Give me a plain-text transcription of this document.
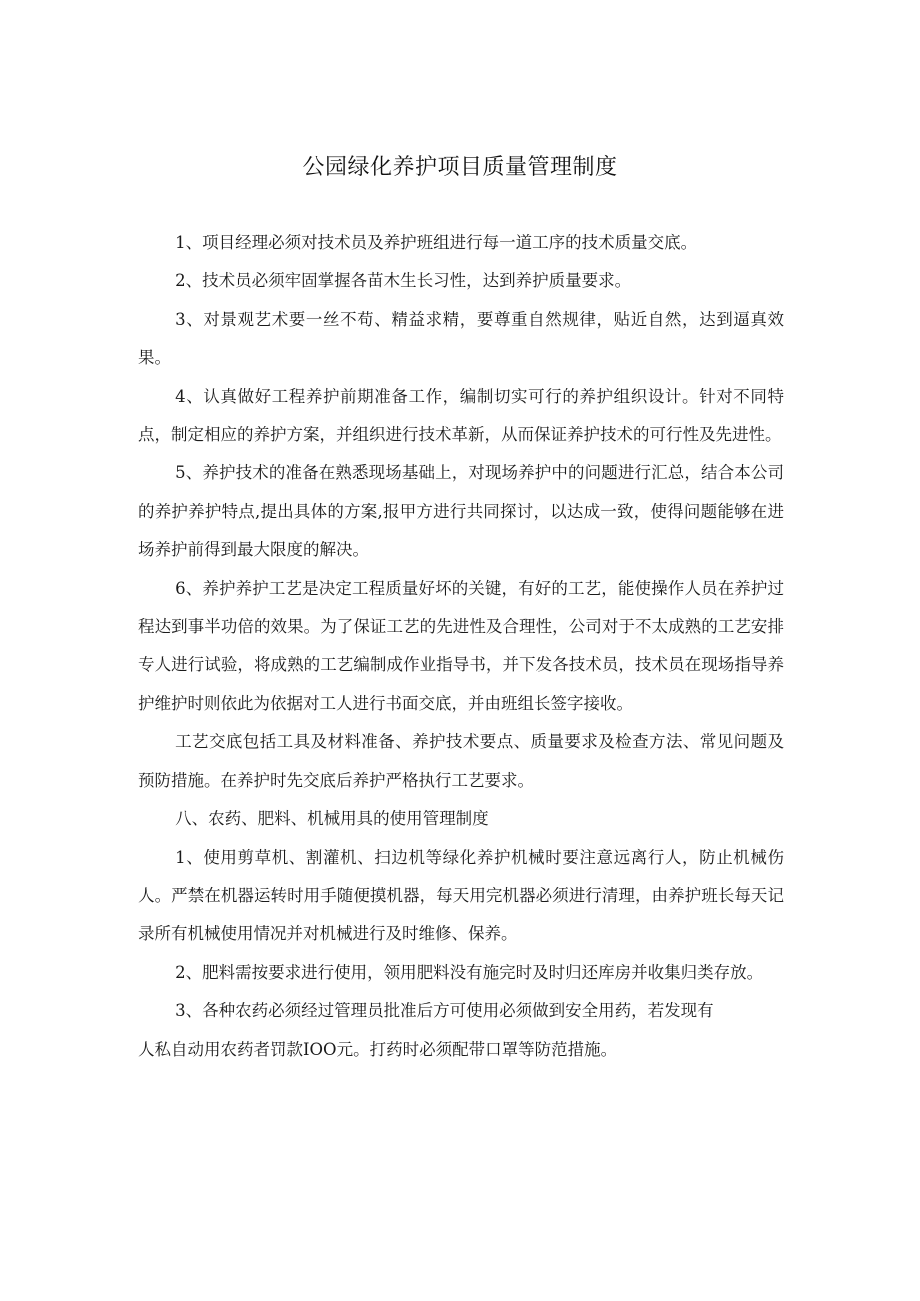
公园绿化养护项目质量管理制度

1、项目经理必须对技术员及养护班组进行每一道工序的技术质量交底。

2、技术员必须牢固掌握各苗木生长习性，达到养护质量要求。

3、对景观艺术要一丝不苟、精益求精，要尊重自然规律，贴近自然，达到逼真效果。

4、认真做好工程养护前期准备工作，编制切实可行的养护组织设计。针对不同特点，制定相应的养护方案，并组织进行技术革新，从而保证养护技术的可行性及先进性。

5、养护技术的准备在熟悉现场基础上，对现场养护中的问题进行汇总，结合本公司的养护养护特点,提出具体的方案,报甲方进行共同探讨，以达成一致，使得问题能够在进场养护前得到最大限度的解决。

6、养护养护工艺是决定工程质量好坏的关键，有好的工艺，能使操作人员在养护过程达到事半功倍的效果。为了保证工艺的先进性及合理性，公司对于不太成熟的工艺安排专人进行试验，将成熟的工艺编制成作业指导书，并下发各技术员，技术员在现场指导养护维护时则依此为依据对工人进行书面交底，并由班组长签字接收。

工艺交底包括工具及材料准备、养护技术要点、质量要求及检查方法、常见问题及预防措施。在养护时先交底后养护严格执行工艺要求。

八、农药、肥料、机械用具的使用管理制度

1、使用剪草机、割灌机、扫边机等绿化养护机械时要注意远离行人，防止机械伤人。严禁在机器运转时用手随便摸机器，每天用完机器必须进行清理，由养护班长每天记录所有机械使用情况并对机械进行及时维修、保养。

2、肥料需按要求进行使用，领用肥料没有施完时及时归还库房并收集归类存放。

3、各种农药必须经过管理员批准后方可使用必须做到安全用药，若发现有
人私自动用农药者罚款IOO元。打药时必须配带口罩等防范措施。
